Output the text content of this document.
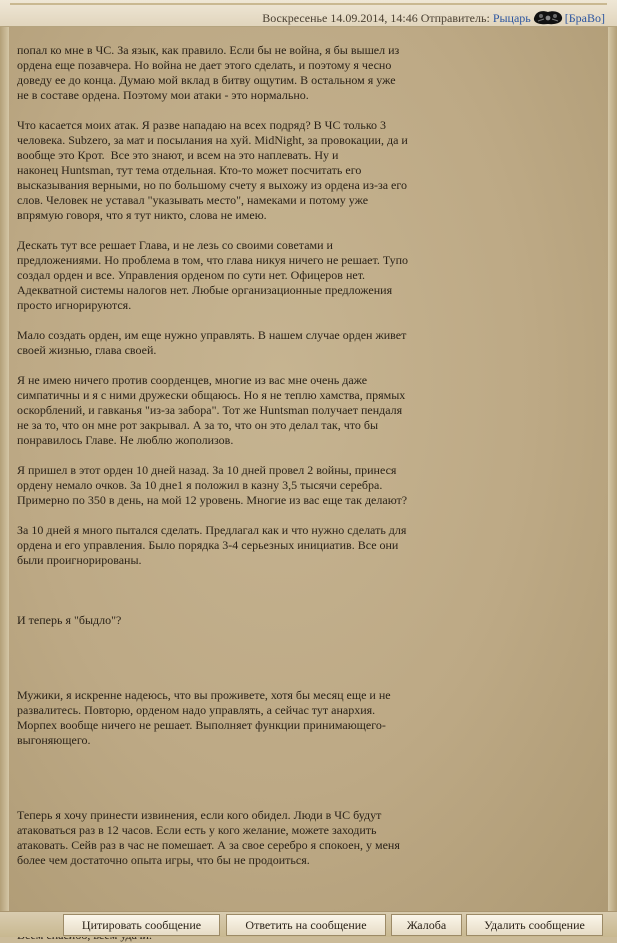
Воскресенье 14.09.2014, 14:46 Отправитель: Рыцарь	[БраВо]
попал ко мне в ЧС. За язык, как правило. Если бы не война, я бы вышел из
ордена еще позавчера. Но война не дает этого сделать, и поэтому я чесно
доведу ее до конца. Думаю мой вклад в битву ощутим. В остальном я уже
не в составе ордена. Поэтому мои атаки - это нормально.

Что касается моих атак. Я разве нападаю на всех подряд? В ЧС только 3
человека. Subzero, за мат и посылания на хуй. MidNight, за провокации, да и
вообще это Крот.  Все это знают, и всем на это наплевать. Ну и
наконец Huntsman, тут тема отдельная. Кто-то может посчитать его
высказывания верными, но по большому счету я выхожу из ордена из-за его
слов. Человек не уставал "указывать место", намеками и потому уже
впрямую говоря, что я тут никто, слова не имею.

Дескать тут все решает Глава, и не лезь со своими советами и
предложениями. Но проблема в том, что глава никуя ничего не решает. Тупо
создал орден и все. Управления орденом по сути нет. Офицеров нет.
Адекватной системы налогов нет. Любые организационные предложения
просто игнорируются.

Мало создать орден, им еще нужно управлять. В нашем случае орден живет
своей жизнью, глава своей.

Я не имею ничего против соорденцев, многие из вас мне очень даже
симпатичны и я с ними дружески общаюсь. Но я не теплю хамства, прямых
оскорблений, и гавканья "из-за забора". Тот же Huntsman получает пендаля
не за то, что он мне рот закрывал. А за то, что он это делал так, что бы
понравилось Главе. Не люблю жополизов.

Я пришел в этот орден 10 дней назад. За 10 дней провел 2 войны, принеся
ордену немало очков. За 10 дне1 я положил в казну 3,5 тысячи серебра.
Примерно по 350 в день, на мой 12 уровень. Многие из вас еще так делают?

За 10 дней я много пытался сделать. Предлагал как и что нужно сделать для
ордена и его управления. Было порядка 3-4 серьезных инициатив. Все они
были проигнорированы.

И теперь я "быдло"?

Мужики, я искренне надеюсь, что вы проживете, хотя бы месяц еще и не
развалитесь. Повторю, орденом надо управлять, а сейчас тут анархия.
Морпех вообще ничего не решает. Выполняет функции принимающего-
выгоняющего.

Теперь я хочу принести извинения, если кого обидел. Люди в ЧС будут
атаковаться раз в 12 часов. Если есть у кого желание, можете заходить
атаковать. Сейв раз в час не помешает. А за свое серебро я спокоен, у меня
более чем достаточно опыта игры, что бы не продоиться.

Цитировать сообщение	Ответить на сообщение	Жалоба	Удалить сообщение
